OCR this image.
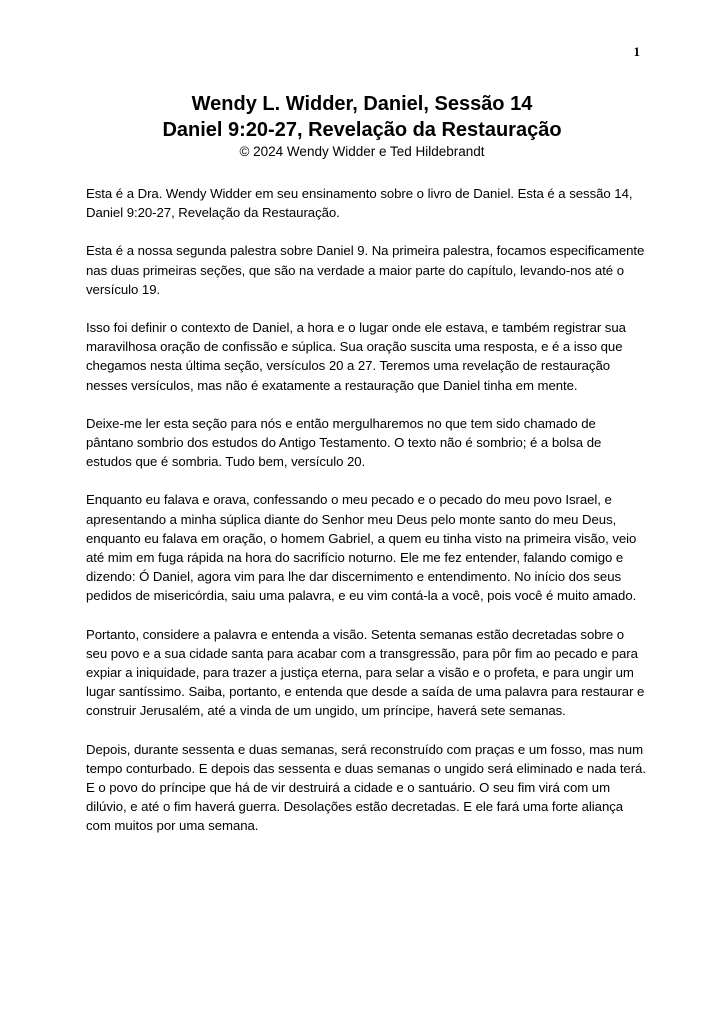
1

Wendy L. Widder, Daniel, Sessão 14

Daniel 9:20-27, Revelação da Restauração

© 2024 Wendy Widder e Ted Hildebrandt

Esta é a Dra. Wendy Widder em seu ensinamento sobre o livro de Daniel. Esta é a sessão 14, Daniel 9:20-27, Revelação da Restauração.

Esta é a nossa segunda palestra sobre Daniel 9. Na primeira palestra, focamos especificamente nas duas primeiras seções, que são na verdade a maior parte do capítulo, levando-nos até o versículo 19.

Isso foi definir o contexto de Daniel, a hora e o lugar onde ele estava, e também registrar sua maravilhosa oração de confissão e súplica. Sua oração suscita uma resposta, e é a isso que chegamos nesta última seção, versículos 20 a 27. Teremos uma revelação de restauração nesses versículos, mas não é exatamente a restauração que Daniel tinha em mente.

Deixe-me ler esta seção para nós e então mergulharemos no que tem sido chamado de pântano sombrio dos estudos do Antigo Testamento. O texto não é sombrio; é a bolsa de estudos que é sombria. Tudo bem, versículo 20.

Enquanto eu falava e orava, confessando o meu pecado e o pecado do meu povo Israel, e apresentando a minha súplica diante do Senhor meu Deus pelo monte santo do meu Deus, enquanto eu falava em oração, o homem Gabriel, a quem eu tinha visto na primeira visão, veio até mim em fuga rápida na hora do sacrifício noturno. Ele me fez entender, falando comigo e dizendo: Ó Daniel, agora vim para lhe dar discernimento e entendimento. No início dos seus pedidos de misericórdia, saiu uma palavra, e eu vim contá-la a você, pois você é muito amado.

Portanto, considere a palavra e entenda a visão. Setenta semanas estão decretadas sobre o seu povo e a sua cidade santa para acabar com a transgressão, para pôr fim ao pecado e para expiar a iniquidade, para trazer a justiça eterna, para selar a visão e o profeta, e para ungir um lugar santíssimo. Saiba, portanto, e entenda que desde a saída de uma palavra para restaurar e construir Jerusalém, até a vinda de um ungido, um príncipe, haverá sete semanas.

Depois, durante sessenta e duas semanas, será reconstruído com praças e um fosso, mas num tempo conturbado. E depois das sessenta e duas semanas o ungido será eliminado e nada terá. E o povo do príncipe que há de vir destruirá a cidade e o santuário. O seu fim virá com um dilúvio, e até o fim haverá guerra. Desolações estão decretadas. E ele fará uma forte aliança com muitos por uma semana.
